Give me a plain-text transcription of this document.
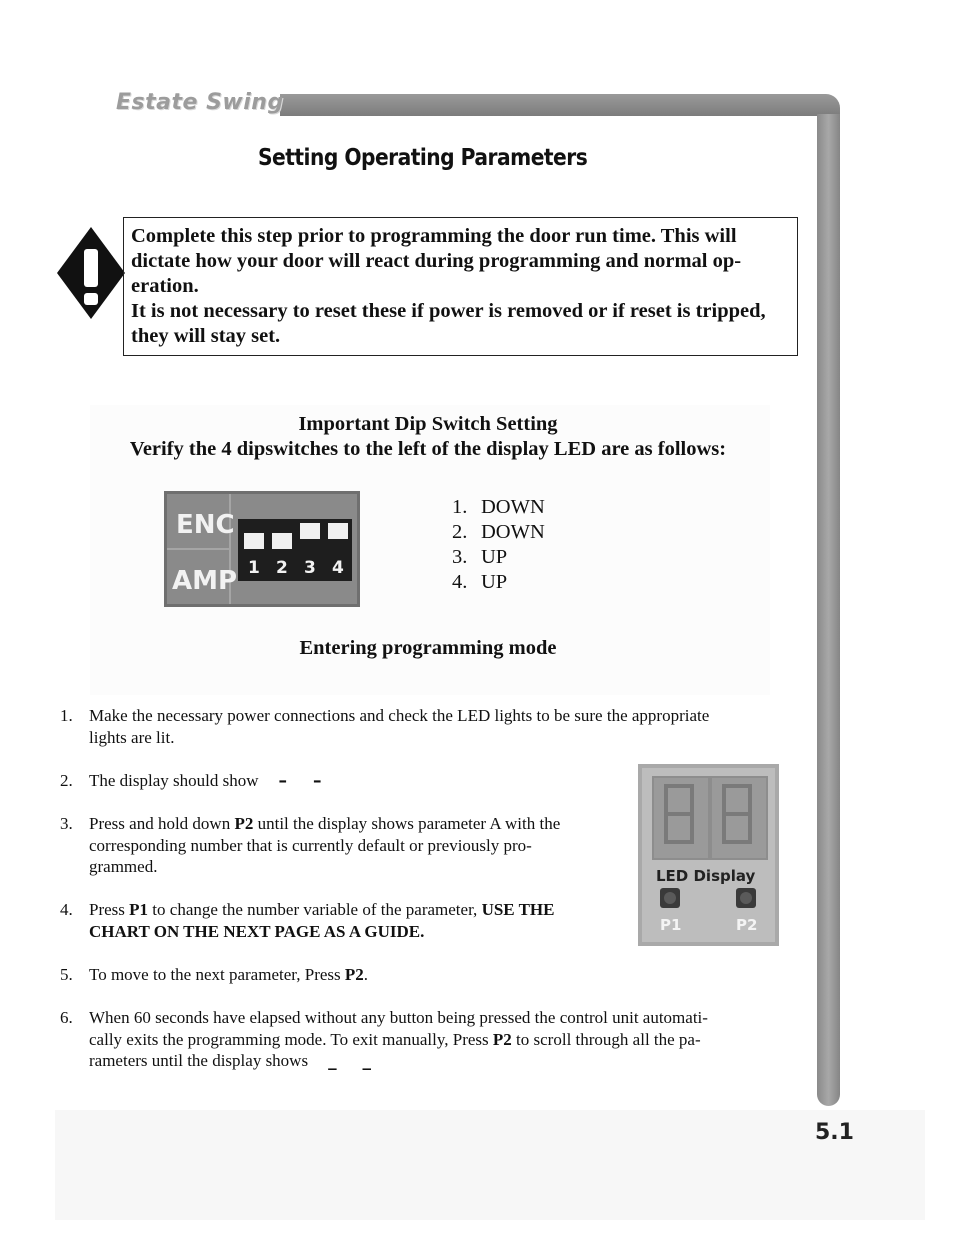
Estate Swing
5.1
Setting Operating Parameters

Complete this step prior to programming the door run time. This will dictate how your door will react during programming and normal op-eration.

It is not necessary to reset these if power is removed or if reset is tripped, they will stay set.

Important Dip Switch Setting
Verify the 4 dipswitches to the left of the display LED are as follows:
ENC
AMP 1 2 3 4
1. DOWN
2. DOWN
3. UP
4. UP
Entering programming mode
1. Make the necessary power connections and check the LED lights to be sure the appropriate
lights are lit.
2. The display should show – –
3. Press and hold down P2 until the display shows parameter A with the
corresponding number that is currently default or previously pro-
grammed.
4. Press P1 to change the number variable of the parameter, USE THE
CHART ON THE NEXT PAGE AS A GUIDE.
5. To move to the next parameter, Press P2.
6. When 60 seconds have elapsed without any button being pressed the control unit automati-
cally exits the programming mode. To exit manually, Press P2 to scroll through all the pa-
rameters until the display shows _ _
LED Display
P1	P2
